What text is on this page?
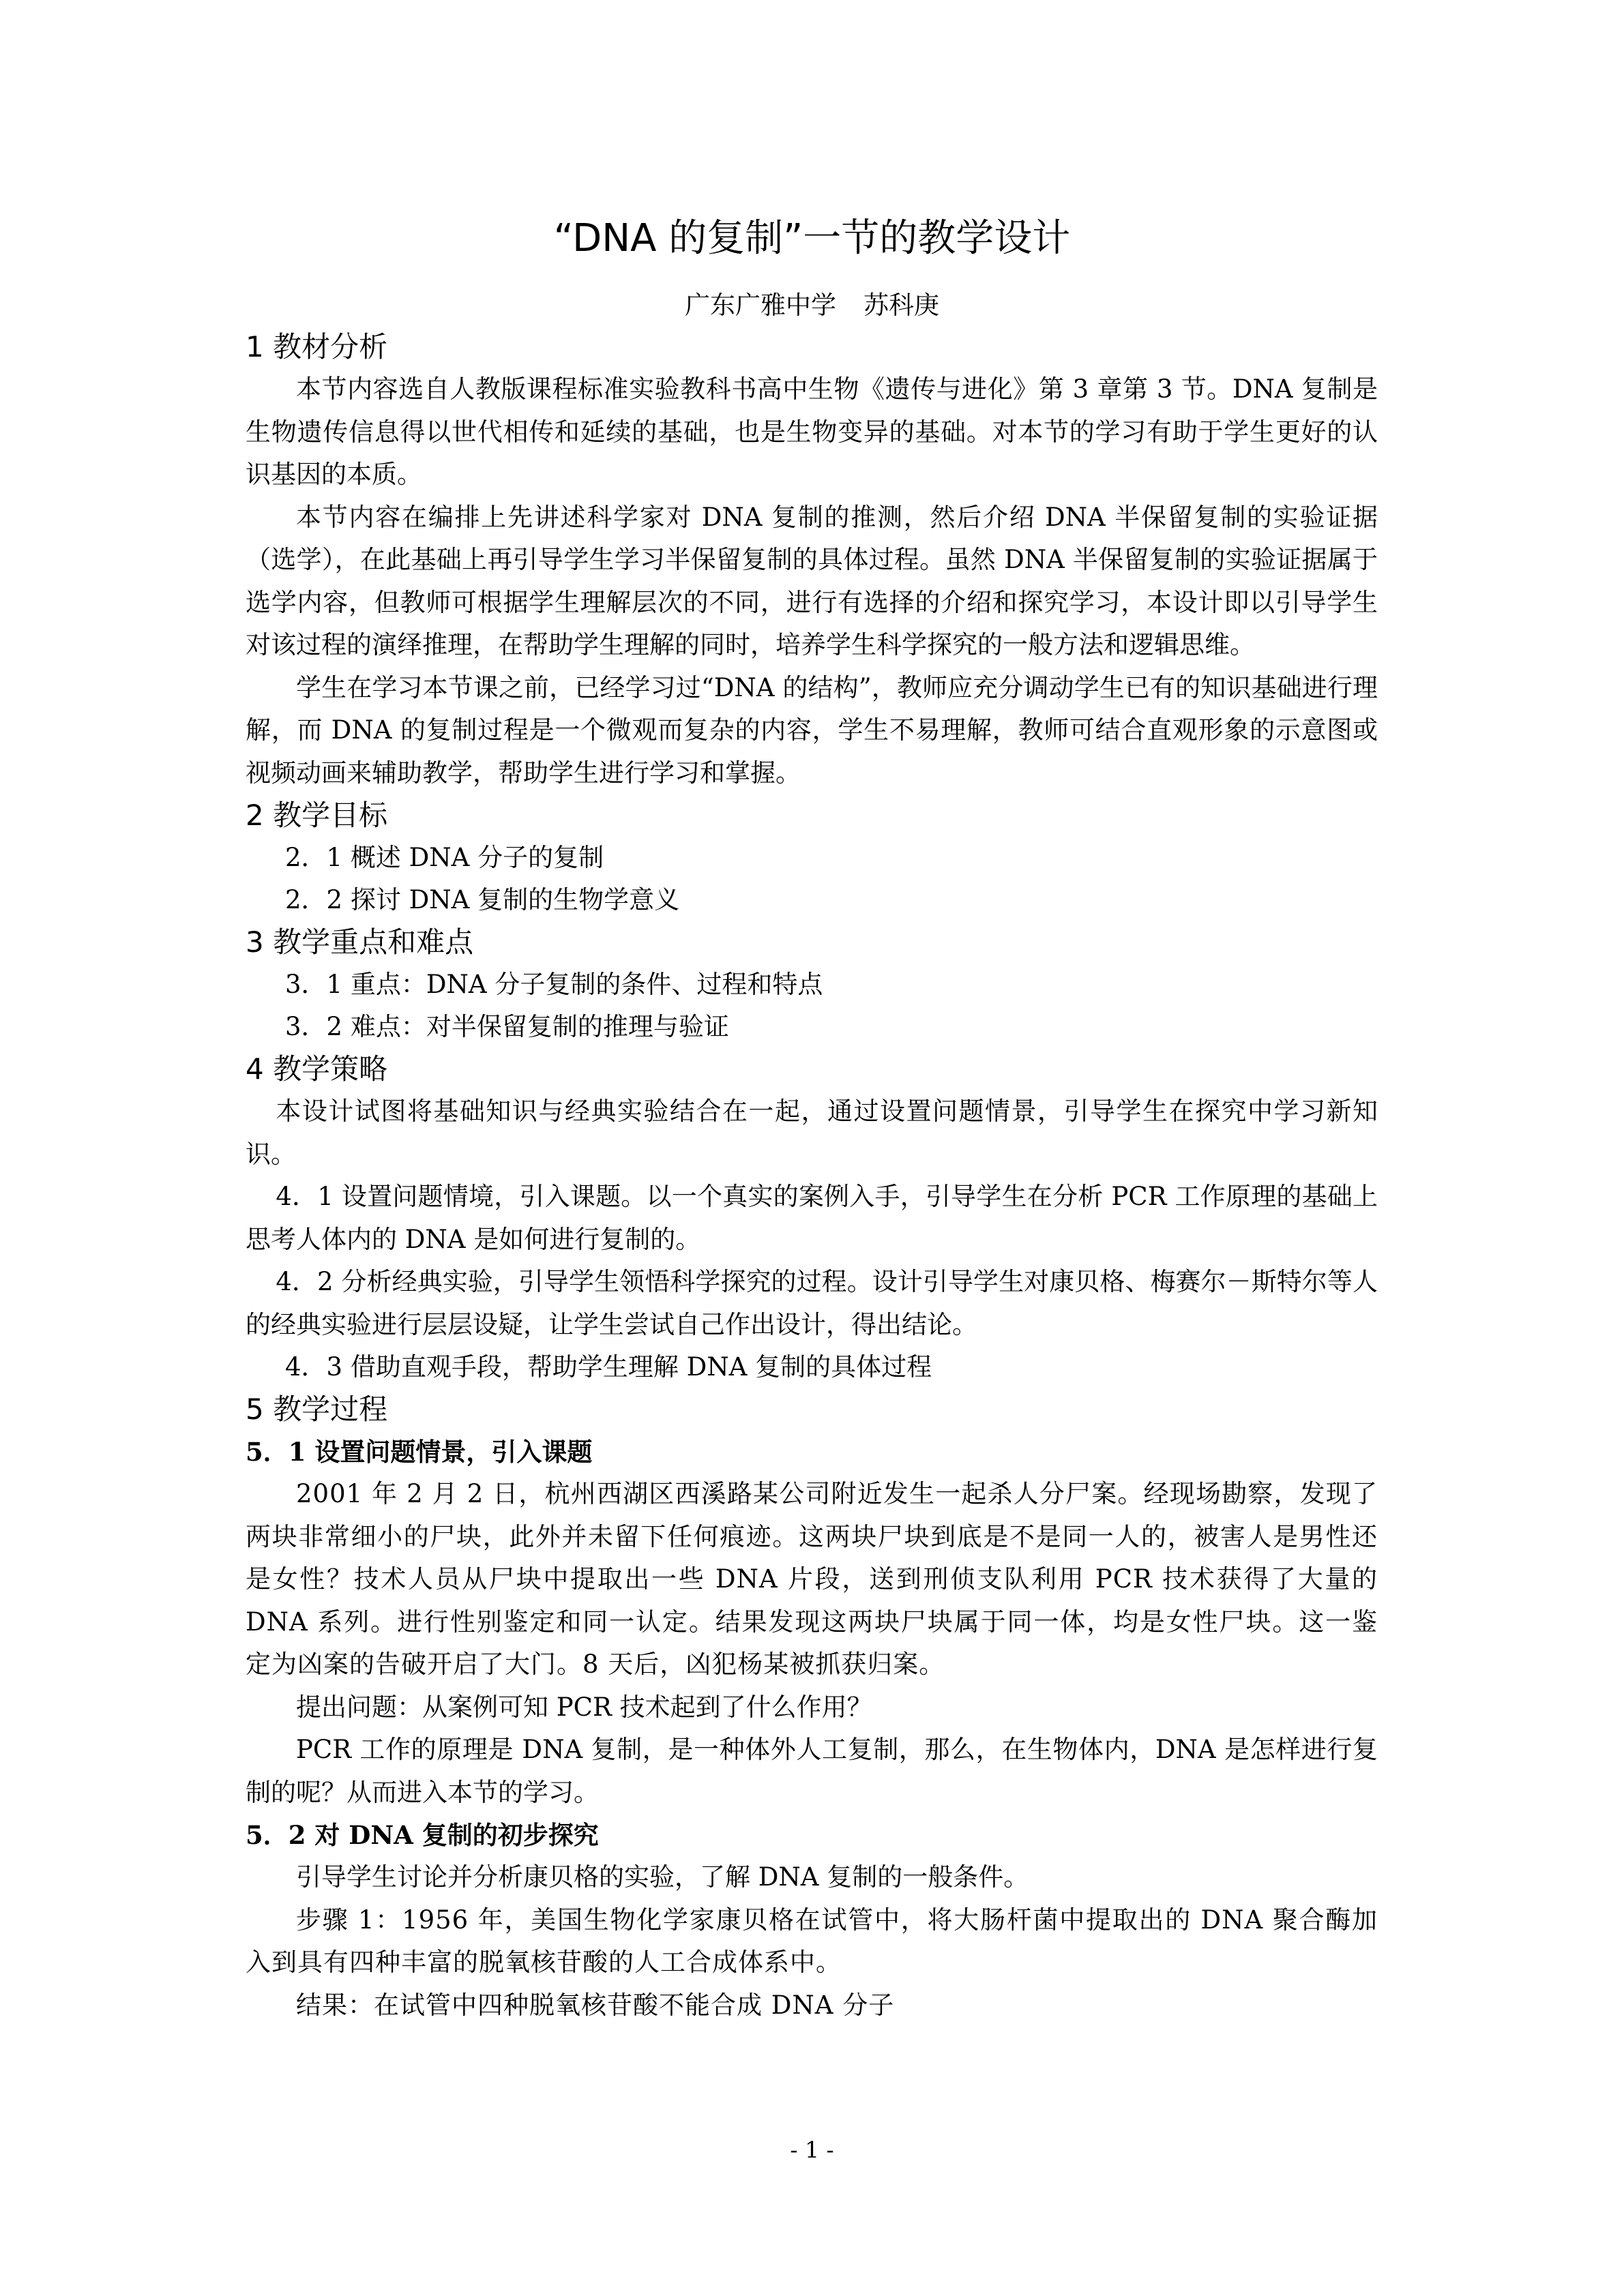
“DNA 的复制”一节的教学设计
广东广雅中学 苏科庚

1 教材分析

本节内容选自人教版课程标准实验教科书高中生物《遗传与进化》第 3 章第 3 节。DNA 复制是生物遗传信息得以世代相传和延续的基础，也是生物变异的基础。对本节的学习有助于学生更好的认识基因的本质。

本节内容在编排上先讲述科学家对 DNA 复制的推测，然后介绍 DNA 半保留复制的实验证据（选学），在此基础上再引导学生学习半保留复制的具体过程。虽然 DNA 半保留复制的实验证据属于选学内容，但教师可根据学生理解层次的不同，进行有选择的介绍和探究学习，本设计即以引导学生对该过程的演绎推理，在帮助学生理解的同时，培养学生科学探究的一般方法和逻辑思维。

学生在学习本节课之前，已经学习过“DNA 的结构”，教师应充分调动学生已有的知识基础进行理解，而 DNA 的复制过程是一个微观而复杂的内容，学生不易理解，教师可结合直观形象的示意图或视频动画来辅助教学，帮助学生进行学习和掌握。

2 教学目标

2．1 概述 DNA 分子的复制

2．2 探讨 DNA 复制的生物学意义

3 教学重点和难点

3．1 重点：DNA 分子复制的条件、过程和特点

3．2 难点：对半保留复制的推理与验证

4 教学策略

本设计试图将基础知识与经典实验结合在一起，通过设置问题情景，引导学生在探究中学习新知识。

4．1 设置问题情境，引入课题。以一个真实的案例入手，引导学生在分析 PCR 工作原理的基础上思考人体内的 DNA 是如何进行复制的。

4．2 分析经典实验，引导学生领悟科学探究的过程。设计引导学生对康贝格、梅赛尔－斯特尔等人的经典实验进行层层设疑，让学生尝试自己作出设计，得出结论。

4．3 借助直观手段，帮助学生理解 DNA 复制的具体过程

5 教学过程

5．1 设置问题情景，引入课题

2001 年 2 月 2 日，杭州西湖区西溪路某公司附近发生一起杀人分尸案。经现场勘察，发现了两块非常细小的尸块，此外并未留下任何痕迹。这两块尸块到底是不是同一人的，被害人是男性还是女性？技术人员从尸块中提取出一些 DNA 片段，送到刑侦支队利用 PCR 技术获得了大量的 DNA 系列。进行性别鉴定和同一认定。结果发现这两块尸块属于同一体，均是女性尸块。这一鉴定为凶案的告破开启了大门。8 天后，凶犯杨某被抓获归案。

提出问题：从案例可知 PCR 技术起到了什么作用？

PCR 工作的原理是 DNA 复制，是一种体外人工复制，那么，在生物体内，DNA 是怎样进行复制的呢？从而进入本节的学习。

5．2 对 DNA 复制的初步探究

引导学生讨论并分析康贝格的实验，了解 DNA 复制的一般条件。

步骤 1：1956 年，美国生物化学家康贝格在试管中，将大肠杆菌中提取出的 DNA 聚合酶加入到具有四种丰富的脱氧核苷酸的人工合成体系中。

结果：在试管中四种脱氧核苷酸不能合成 DNA 分子

- 1 -
